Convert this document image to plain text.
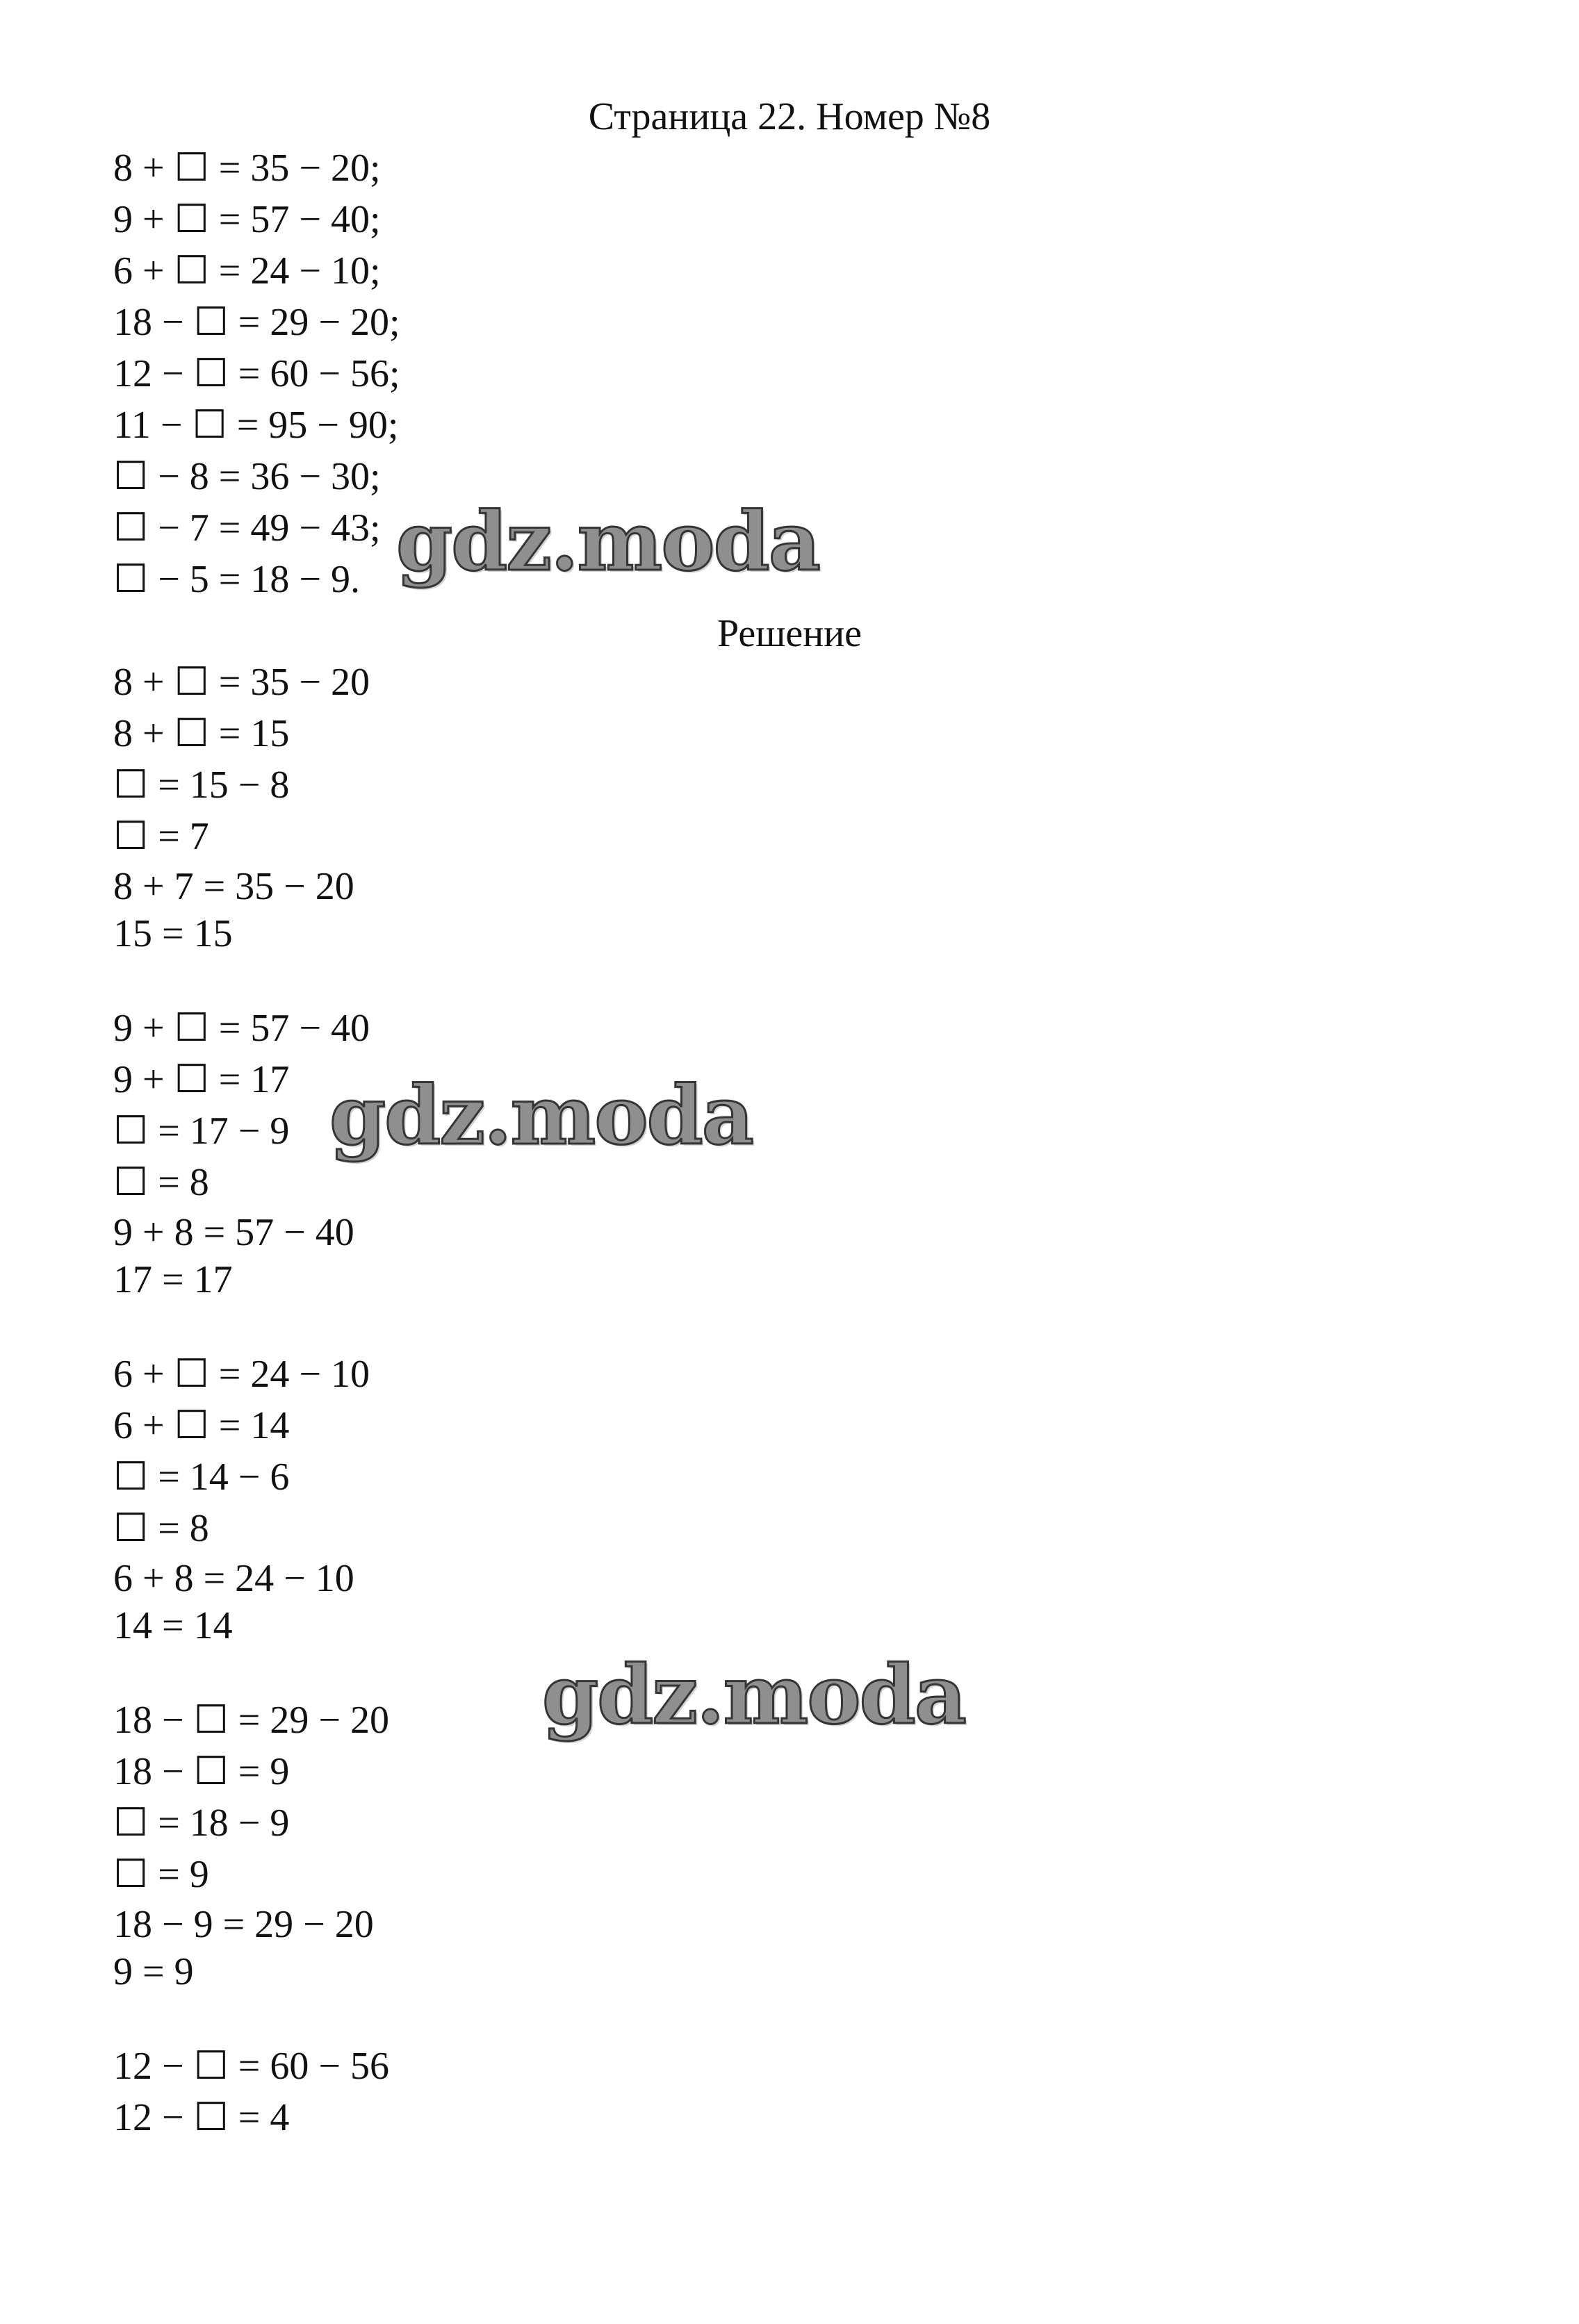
Страница 22. Номер №8
8 + ☐ = 35 − 20;
9 + ☐ = 57 − 40;
6 + ☐ = 24 − 10;
18 − ☐ = 29 − 20;
12 − ☐ = 60 − 56;
11 − ☐ = 95 − 90;
☐ − 8 = 36 − 30;
☐ − 7 = 49 − 43;
☐ − 5 = 18 − 9.
Решение
8 + ☐ = 35 − 20
8 + ☐ = 15
☐ = 15 − 8
☐ = 7
8 + 7 = 35 − 20
15 = 15
9 + ☐ = 57 − 40
9 + ☐ = 17
☐ = 17 − 9
☐ = 8
9 + 8 = 57 − 40
17 = 17
6 + ☐ = 24 − 10
6 + ☐ = 14
☐ = 14 − 6
☐ = 8
6 + 8 = 24 − 10
14 = 14
18 − ☐ = 29 − 20
18 − ☐ = 9
☐ = 18 − 9
☐ = 9
18 − 9 = 29 − 20
9 = 9
12 − ☐ = 60 − 56
12 − ☐ = 4
gdz.moda
gdz.moda
gdz.moda
